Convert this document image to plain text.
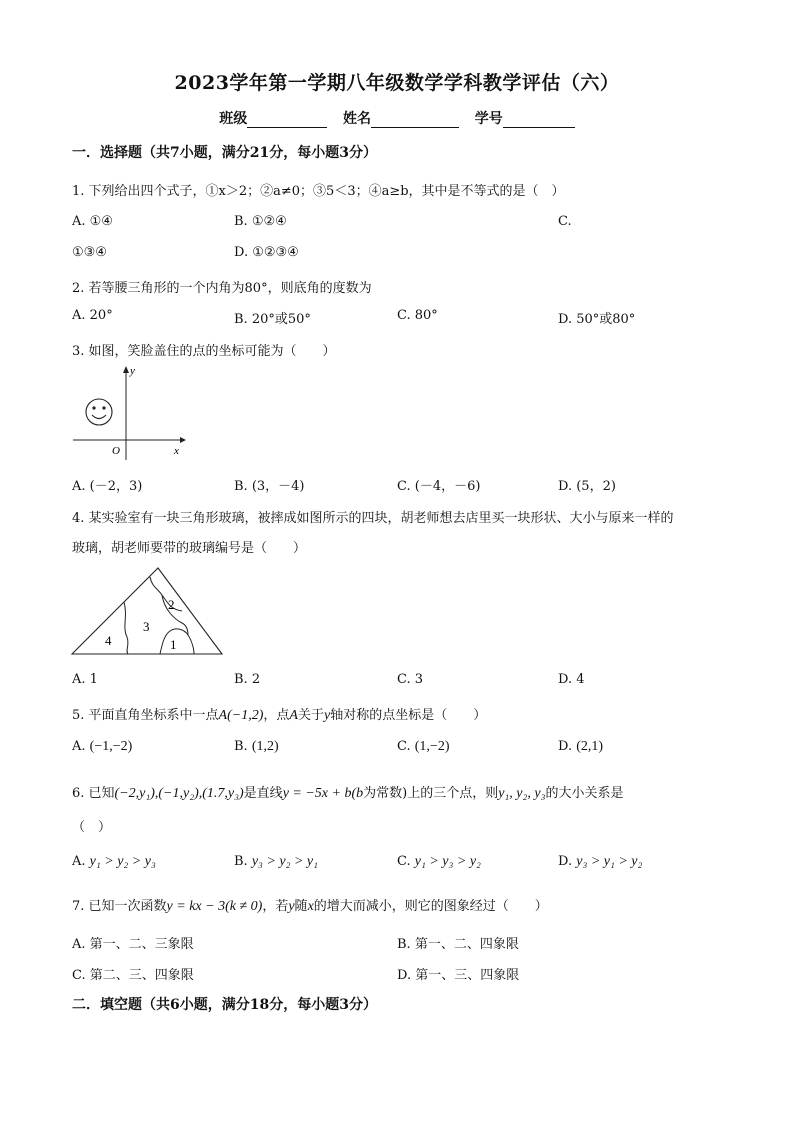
2023学年第一学期八年级数学学科教学评估（六）
班级	姓名	学号
一．选择题（共7小题，满分21分，每小题3分）
1. 下列给出四个式子，①x＞2；②a≠0；③5＜3；④a≥b，其中是不等式的是（　）
A. ①④	B. ①②④	C.
①③④	D. ①②③④
2. 若等腰三角形的一个内角为80°，则底角的度数为
A. 20°	B. 20°或50°	C. 80°	D. 50°或80°
3. 如图，笑脸盖住的点的坐标可能为（　　）
x
y
O
A. (－2，3)	B. (3，－4)	C. (－4，－6)	D. (5，2)
4. 某实验室有一块三角形玻璃，被摔成如图所示的四块，胡老师想去店里买一块形状、大小与原来一样的
玻璃，胡老师要带的玻璃编号是（　　）
2
3
1
4
A. 1	B. 2	C. 3	D. 4
5. 平面直角坐标系中一点A(−1,2)，点A关于y轴对称的点坐标是（　　）
A. (−1,−2)	B. (1,2)	C. (1,−2)	D. (2,1)
6. 已知(−2,y₁),(−1,y₂),(1.7,y₃)是直线y = −5x + b(b为常数)上的三个点，则y₁, y₂, y₃的大小关系是
（　）
A. y₁ > y₂ > y₃	B. y₃ > y₂ > y₁	C. y₁ > y₃ > y₂	D. y₃ > y₁ > y₂
7. 已知一次函数y = kx − 3(k ≠ 0)，若y随x的增大而减小，则它的图象经过（　　）
A. 第一、二、三象限	B. 第一、二、四象限
C. 第二、三、四象限	D. 第一、三、四象限
二．填空题（共6小题，满分18分，每小题3分）
